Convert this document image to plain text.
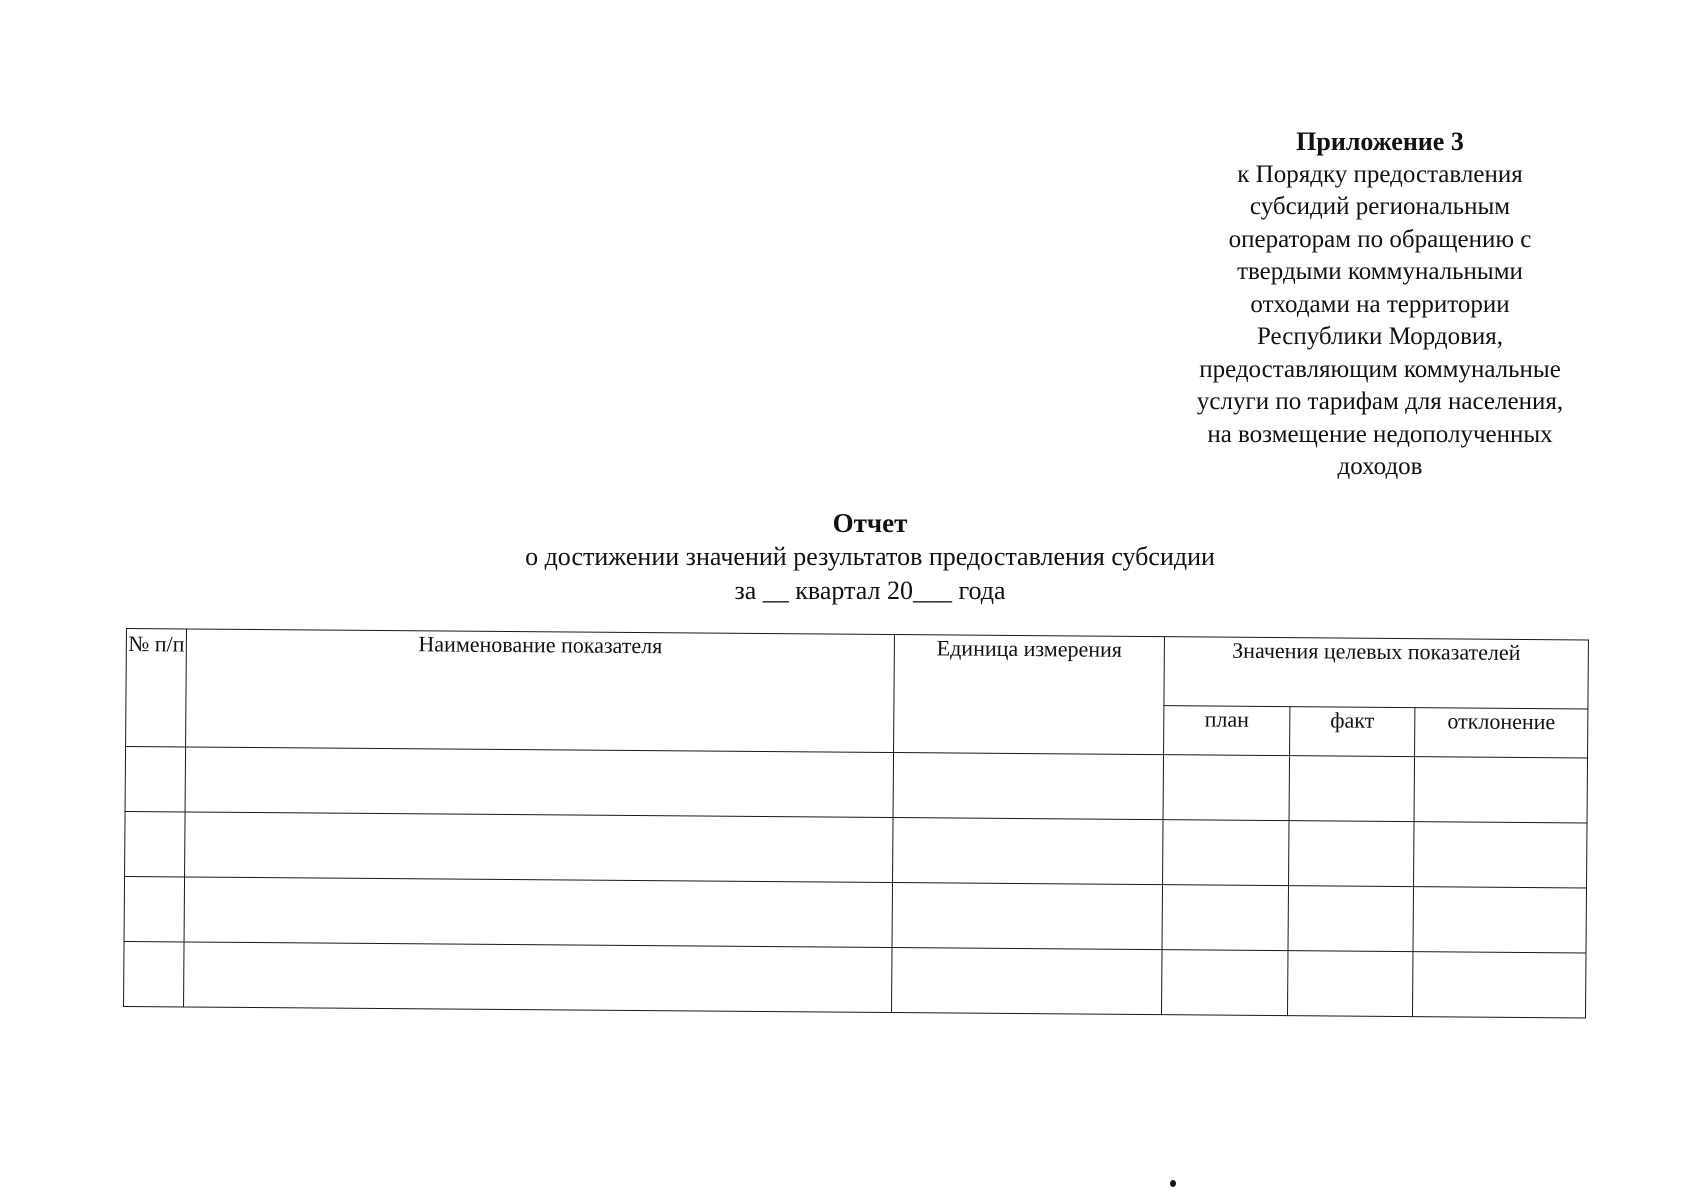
Приложение 3
к Порядку предоставления
субсидий региональным
операторам по обращению с
твердыми коммунальными
отходами на территории
Республики Мордовия,
предоставляющим коммунальные
услуги по тарифам для населения,
на возмещение недополученных
доходов
Отчет
о достижении значений результатов предоставления субсидии
за __ квартал 20___ года
№ п/п	Наименование показателя	Единица измерения	Значения целевых показателей		
			план	факт	отклонение
